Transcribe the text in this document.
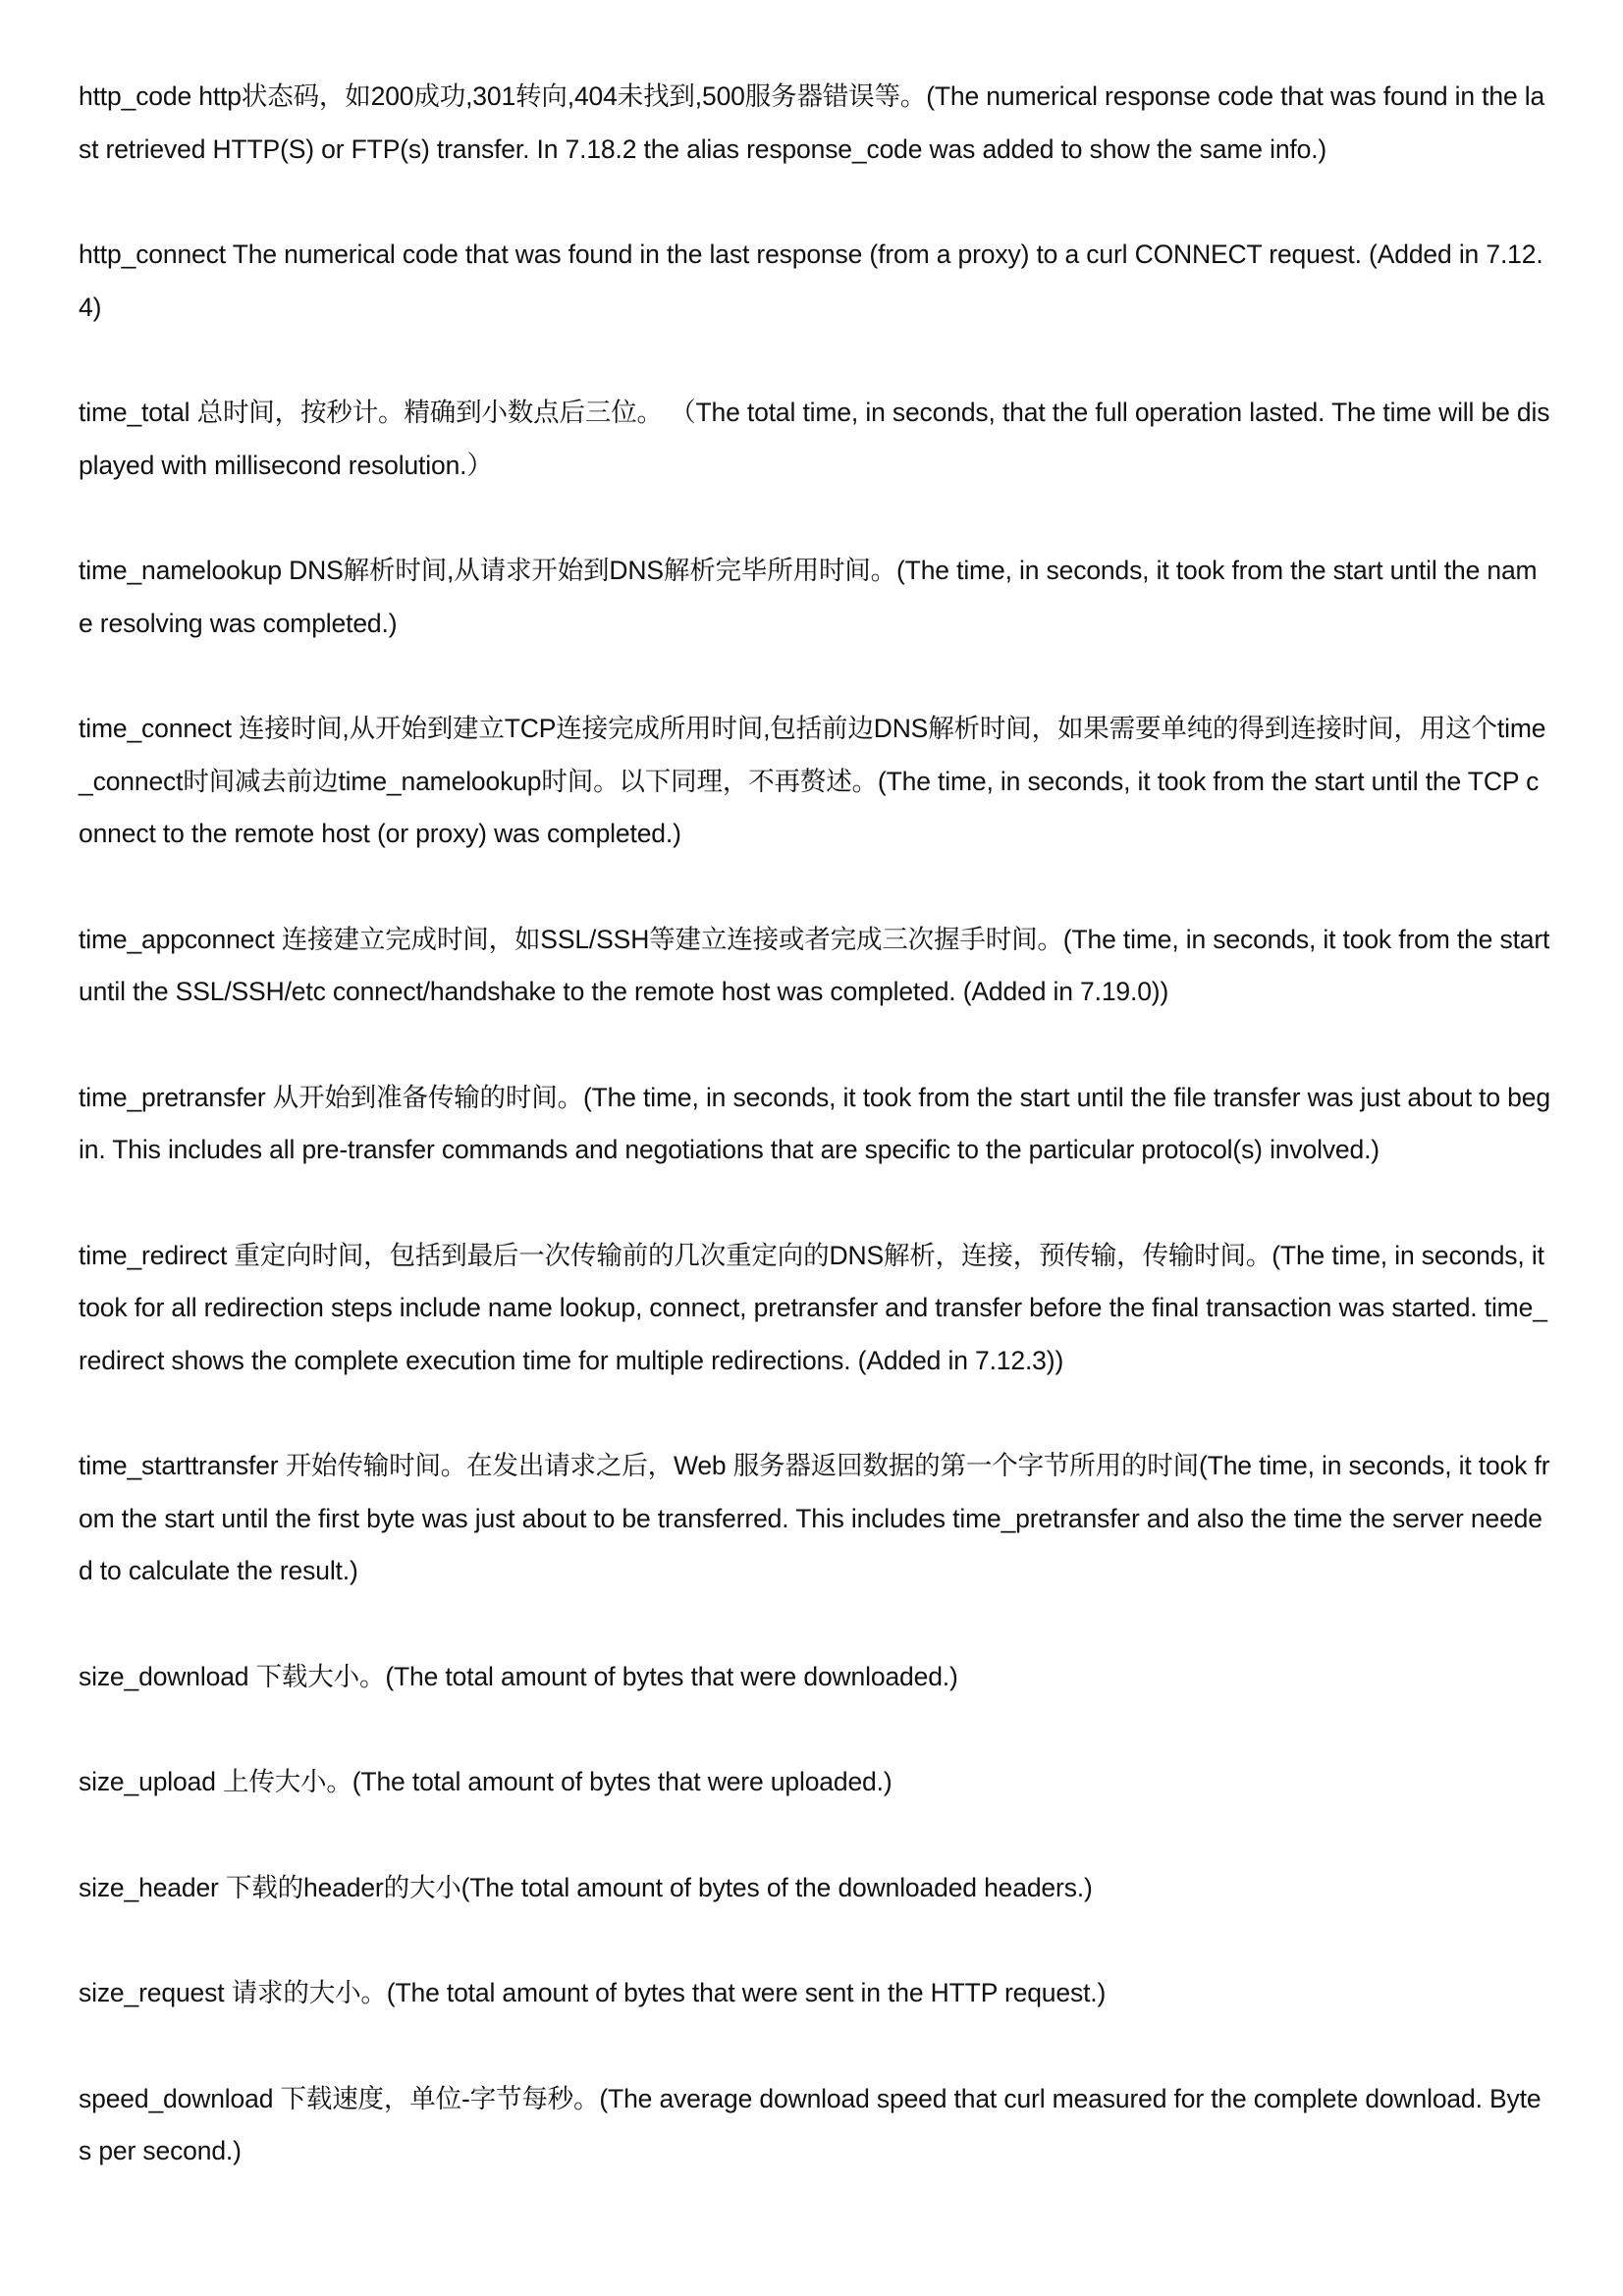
http_code http状态码，如200成功,301转向,404未找到,500服务器错误等。(The numerical response code that was found in the last retrieved HTTP(S) or FTP(s) transfer. In 7.18.2 the alias response_code was added to show the same info.)

http_connect The numerical code that was found in the last response (from a proxy) to a curl CONNECT request. (Added in 7.12.4)

time_total 总时间，按秒计。精确到小数点后三位。 （The total time, in seconds, that the full operation lasted. The time will be displayed with millisecond resolution.）

time_namelookup DNS解析时间,从请求开始到DNS解析完毕所用时间。(The time, in seconds, it took from the start until the name resolving was completed.)

time_connect 连接时间,从开始到建立TCP连接完成所用时间,包括前边DNS解析时间，如果需要单纯的得到连接时间，用这个time_connect时间减去前边time_namelookup时间。以下同理，不再赘述。(The time, in seconds, it took from the start until the TCP connect to the remote host (or proxy) was completed.)

time_appconnect 连接建立完成时间，如SSL/SSH等建立连接或者完成三次握手时间。(The time, in seconds, it took from the start until the SSL/SSH/etc connect/handshake to the remote host was completed. (Added in 7.19.0))

time_pretransfer 从开始到准备传输的时间。(The time, in seconds, it took from the start until the file transfer was just about to begin. This includes all pre-transfer commands and negotiations that are specific to the particular protocol(s) involved.)

time_redirect 重定向时间，包括到最后一次传输前的几次重定向的DNS解析，连接，预传输，传输时间。(The time, in seconds, it took for all redirection steps include name lookup, connect, pretransfer and transfer before the final transaction was started. time_redirect shows the complete execution time for multiple redirections. (Added in 7.12.3))

time_starttransfer 开始传输时间。在发出请求之后，Web 服务器返回数据的第一个字节所用的时间(The time, in seconds, it took from the start until the first byte was just about to be transferred. This includes time_pretransfer and also the time the server needed to calculate the result.)

size_download 下载大小。(The total amount of bytes that were downloaded.)

size_upload 上传大小。(The total amount of bytes that were uploaded.)

size_header 下载的header的大小(The total amount of bytes of the downloaded headers.)

size_request 请求的大小。(The total amount of bytes that were sent in the HTTP request.)

speed_download 下载速度，单位-字节每秒。(The average download speed that curl measured for the complete download. Bytes per second.)
